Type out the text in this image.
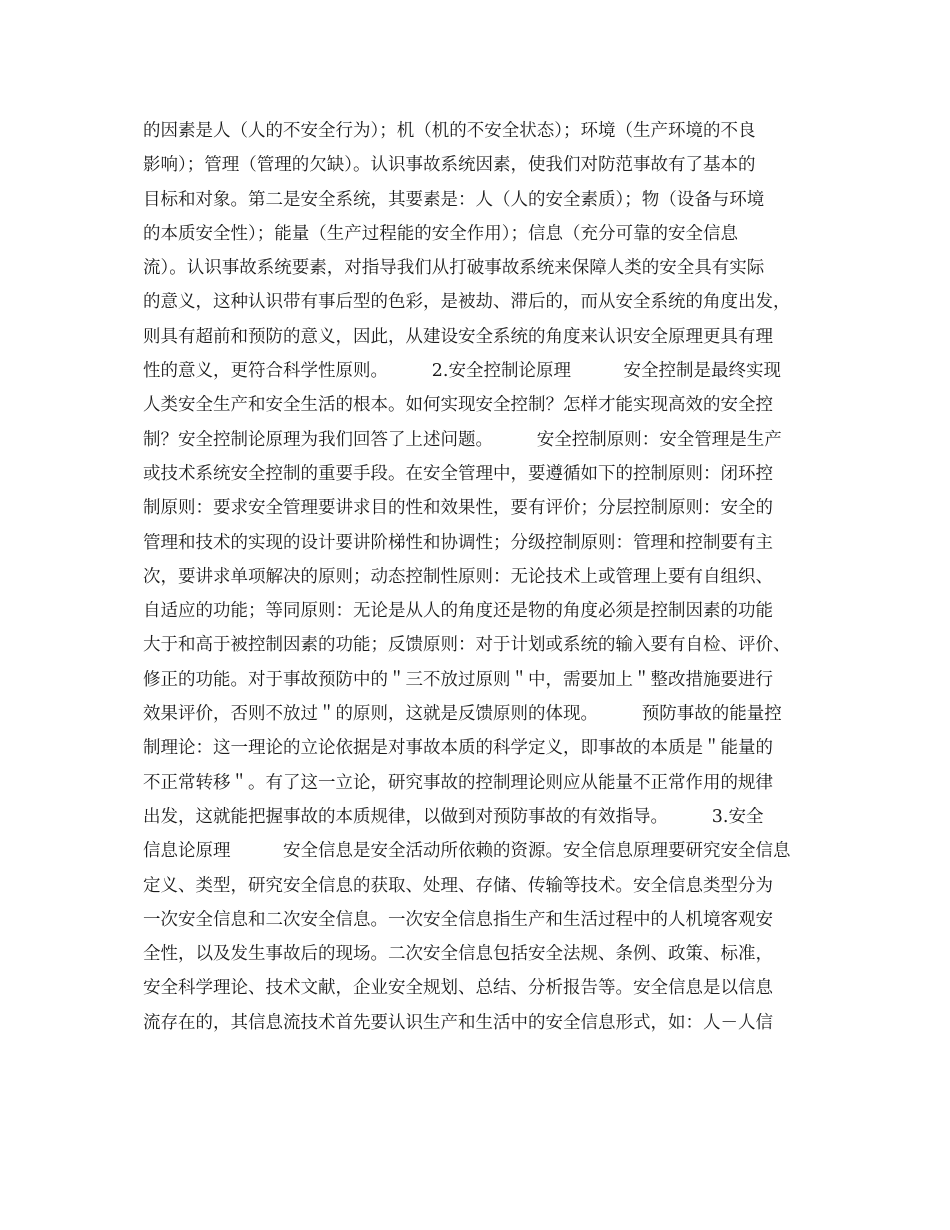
的因素是人（人的不安全行为）；机（机的不安全状态）；环境（生产环境的不良
影响）；管理（管理的欠缺）。认识事故系统因素，使我们对防范事故有了基本的
目标和对象。第二是安全系统，其要素是：人（人的安全素质）；物（设备与环境
的本质安全性）；能量（生产过程能的安全作用）；信息（充分可靠的安全信息
流）。认识事故系统要素，对指导我们从打破事故系统来保障人类的安全具有实际
的意义，这种认识带有事后型的色彩，是被劫、滞后的，而从安全系统的角度出发，
则具有超前和预防的意义，因此，从建设安全系统的角度来认识安全原理更具有理
性的意义，更符合科学性原则。　　　2.安全控制论原理　　　安全控制是最终实现
人类安全生产和安全生活的根本。如何实现安全控制？怎样才能实现高效的安全控
制？安全控制论原理为我们回答了上述问题。　　　安全控制原则：安全管理是生产
或技术系统安全控制的重要手段。在安全管理中，要遵循如下的控制原则：闭环控
制原则：要求安全管理要讲求目的性和效果性，要有评价；分层控制原则：安全的
管理和技术的实现的设计要讲阶梯性和协调性；分级控制原则：管理和控制要有主
次，要讲求单项解决的原则；动态控制性原则：无论技术上或管理上要有自组织、
自适应的功能；等同原则：无论是从人的角度还是物的角度必须是控制因素的功能
大于和高于被控制因素的功能；反馈原则：对于计划或系统的输入要有自检、评价、
修正的功能。对于事故预防中的＂三不放过原则＂中，需要加上＂整改措施要进行
效果评价，否则不放过＂的原则，这就是反馈原则的体现。　　　预防事故的能量控
制理论：这一理论的立论依据是对事故本质的科学定义，即事故的本质是＂能量的
不正常转移＂。有了这一立论，研究事故的控制理论则应从能量不正常作用的规律
出发，这就能把握事故的本质规律，以做到对预防事故的有效指导。　　　3.安全
信息论原理　　　安全信息是安全活动所依赖的资源。安全信息原理要研究安全信息
定义、类型，研究安全信息的获取、处理、存储、传输等技术。安全信息类型分为
一次安全信息和二次安全信息。一次安全信息指生产和生活过程中的人机境客观安
全性，以及发生事故后的现场。二次安全信息包括安全法规、条例、政策、标准，
安全科学理论、技术文献，企业安全规划、总结、分析报告等。安全信息是以信息
流存在的，其信息流技术首先要认识生产和生活中的安全信息形式，如：人－人信
